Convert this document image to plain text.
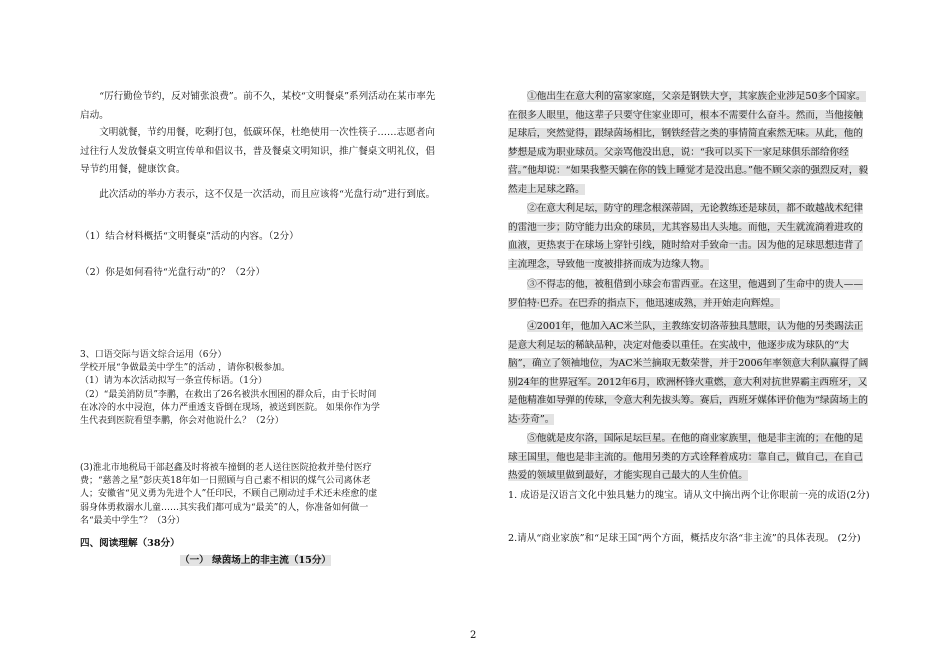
“厉行勤俭节约，反对铺张浪费”。前不久，某校“文明餐桌”系列活动在某市率先启动。

文明就餐，节约用餐，吃剩打包，低碳环保，杜绝使用一次性筷子……志愿者向过往行人发放餐桌文明宣传单和倡议书，普及餐桌文明知识，推广餐桌文明礼仪，倡导节约用餐，健康饮食。

此次活动的举办方表示，这不仅是一次活动，而且应该将“光盘行动”进行到底。

（1）结合材料概括“文明餐桌”活动的内容。（2分）

（2）你是如何看待“光盘行动”的？（2分）

3、口语交际与语文综合运用（6分）

学校开展“争做最美中学生”的活动 ，请你积极参加。

（1）请为本次活动拟写一条宣传标语。（1分）

（2）“最美消防员”李鹏，在救出了26名被洪水围困的群众后，由于长时间在冰冷的水中浸泡，体力严重透支昏倒在现场，被送到医院。 如果你作为学生代表到医院看望李鹏，你会对他说什么？（2分）

(3)淮北市地税局干部赵鑫及时将被车撞倒的老人送往医院抢救并垫付医疗费；“慈善之星”彭庆英18年如一日照顾与自己素不相识的煤气公司离休老人；安徽省“见义勇为先进个人”任印民，不顾自己刚动过手术还未痊愈的虚弱身体勇救溺水儿童……其实我们都可成为“最美”的人，你准备如何做一名“最美中学生”？（3分）

四、阅读理解（38分）

（一） 绿茵场上的非主流（15分）

①他出生在意大利的富家家庭，父亲是钢铁大亨，其家族企业涉足50多个国家。在很多人眼里，他这辈子只要守住家业即可，根本不需要什么奋斗。然而，当他接触足球后，突然觉得，跟绿茵场相比，钢铁经营之类的事情简直索然无味。从此，他的梦想是成为职业球员。父亲骂他没出息，说：“我可以买下一家足球俱乐部给你经营。”他却说：“如果我整天躺在你的钱上睡觉才是没出息。”他不顾父亲的强烈反对，毅然走上足球之路。

②在意大利足坛，防守的理念根深蒂固，无论教练还是球员，都不敢越战术纪律的雷池一步；防守能力出众的球员，尤其容易出人头地。而他，天生就流淌着进攻的血液，更热衷于在球场上穿针引线，随时给对手致命一击。因为他的足球思想违背了主流理念，导致他一度被排挤而成为边缘人物。

③不得志的他，被租借到小球会布雷西亚。在这里，他遇到了生命中的贵人——罗伯特·巴乔。在巴乔的指点下，他迅速成熟，并开始走向辉煌。

④2001年，他加入AC米兰队，主教练安切洛蒂独具慧眼，认为他的另类踢法正是意大利足坛的稀缺品种，决定对他委以重任。在实战中，他逐步成为球队的“大脑”，确立了领袖地位，为AC米兰摘取无数荣誉，并于2006年率领意大利队赢得了阔别24年的世界冠军。2012年6月，欧洲杯锋火重燃，意大利对抗世界霸主西班牙，又是他精准如导弹的传球，令意大利先拔头筹。赛后，西班牙媒体评价他为“绿茵场上的达·芬奇”。

⑤他就是皮尔洛，国际足坛巨星。在他的商业家族里，他是非主流的；在他的足球王国里，他也是非主流的。他用另类的方式诠释着成功：靠自己，做自己，在自己热爱的领域里做到最好，才能实现自己最大的人生价值。

1. 成语是汉语言文化中独具魅力的瑰宝。请从文中摘出两个让你眼前一亮的成语(2分)

2.请从“商业家族”和“足球王国”两个方面，概括皮尔洛“非主流”的具体表现。 (2分)

2
